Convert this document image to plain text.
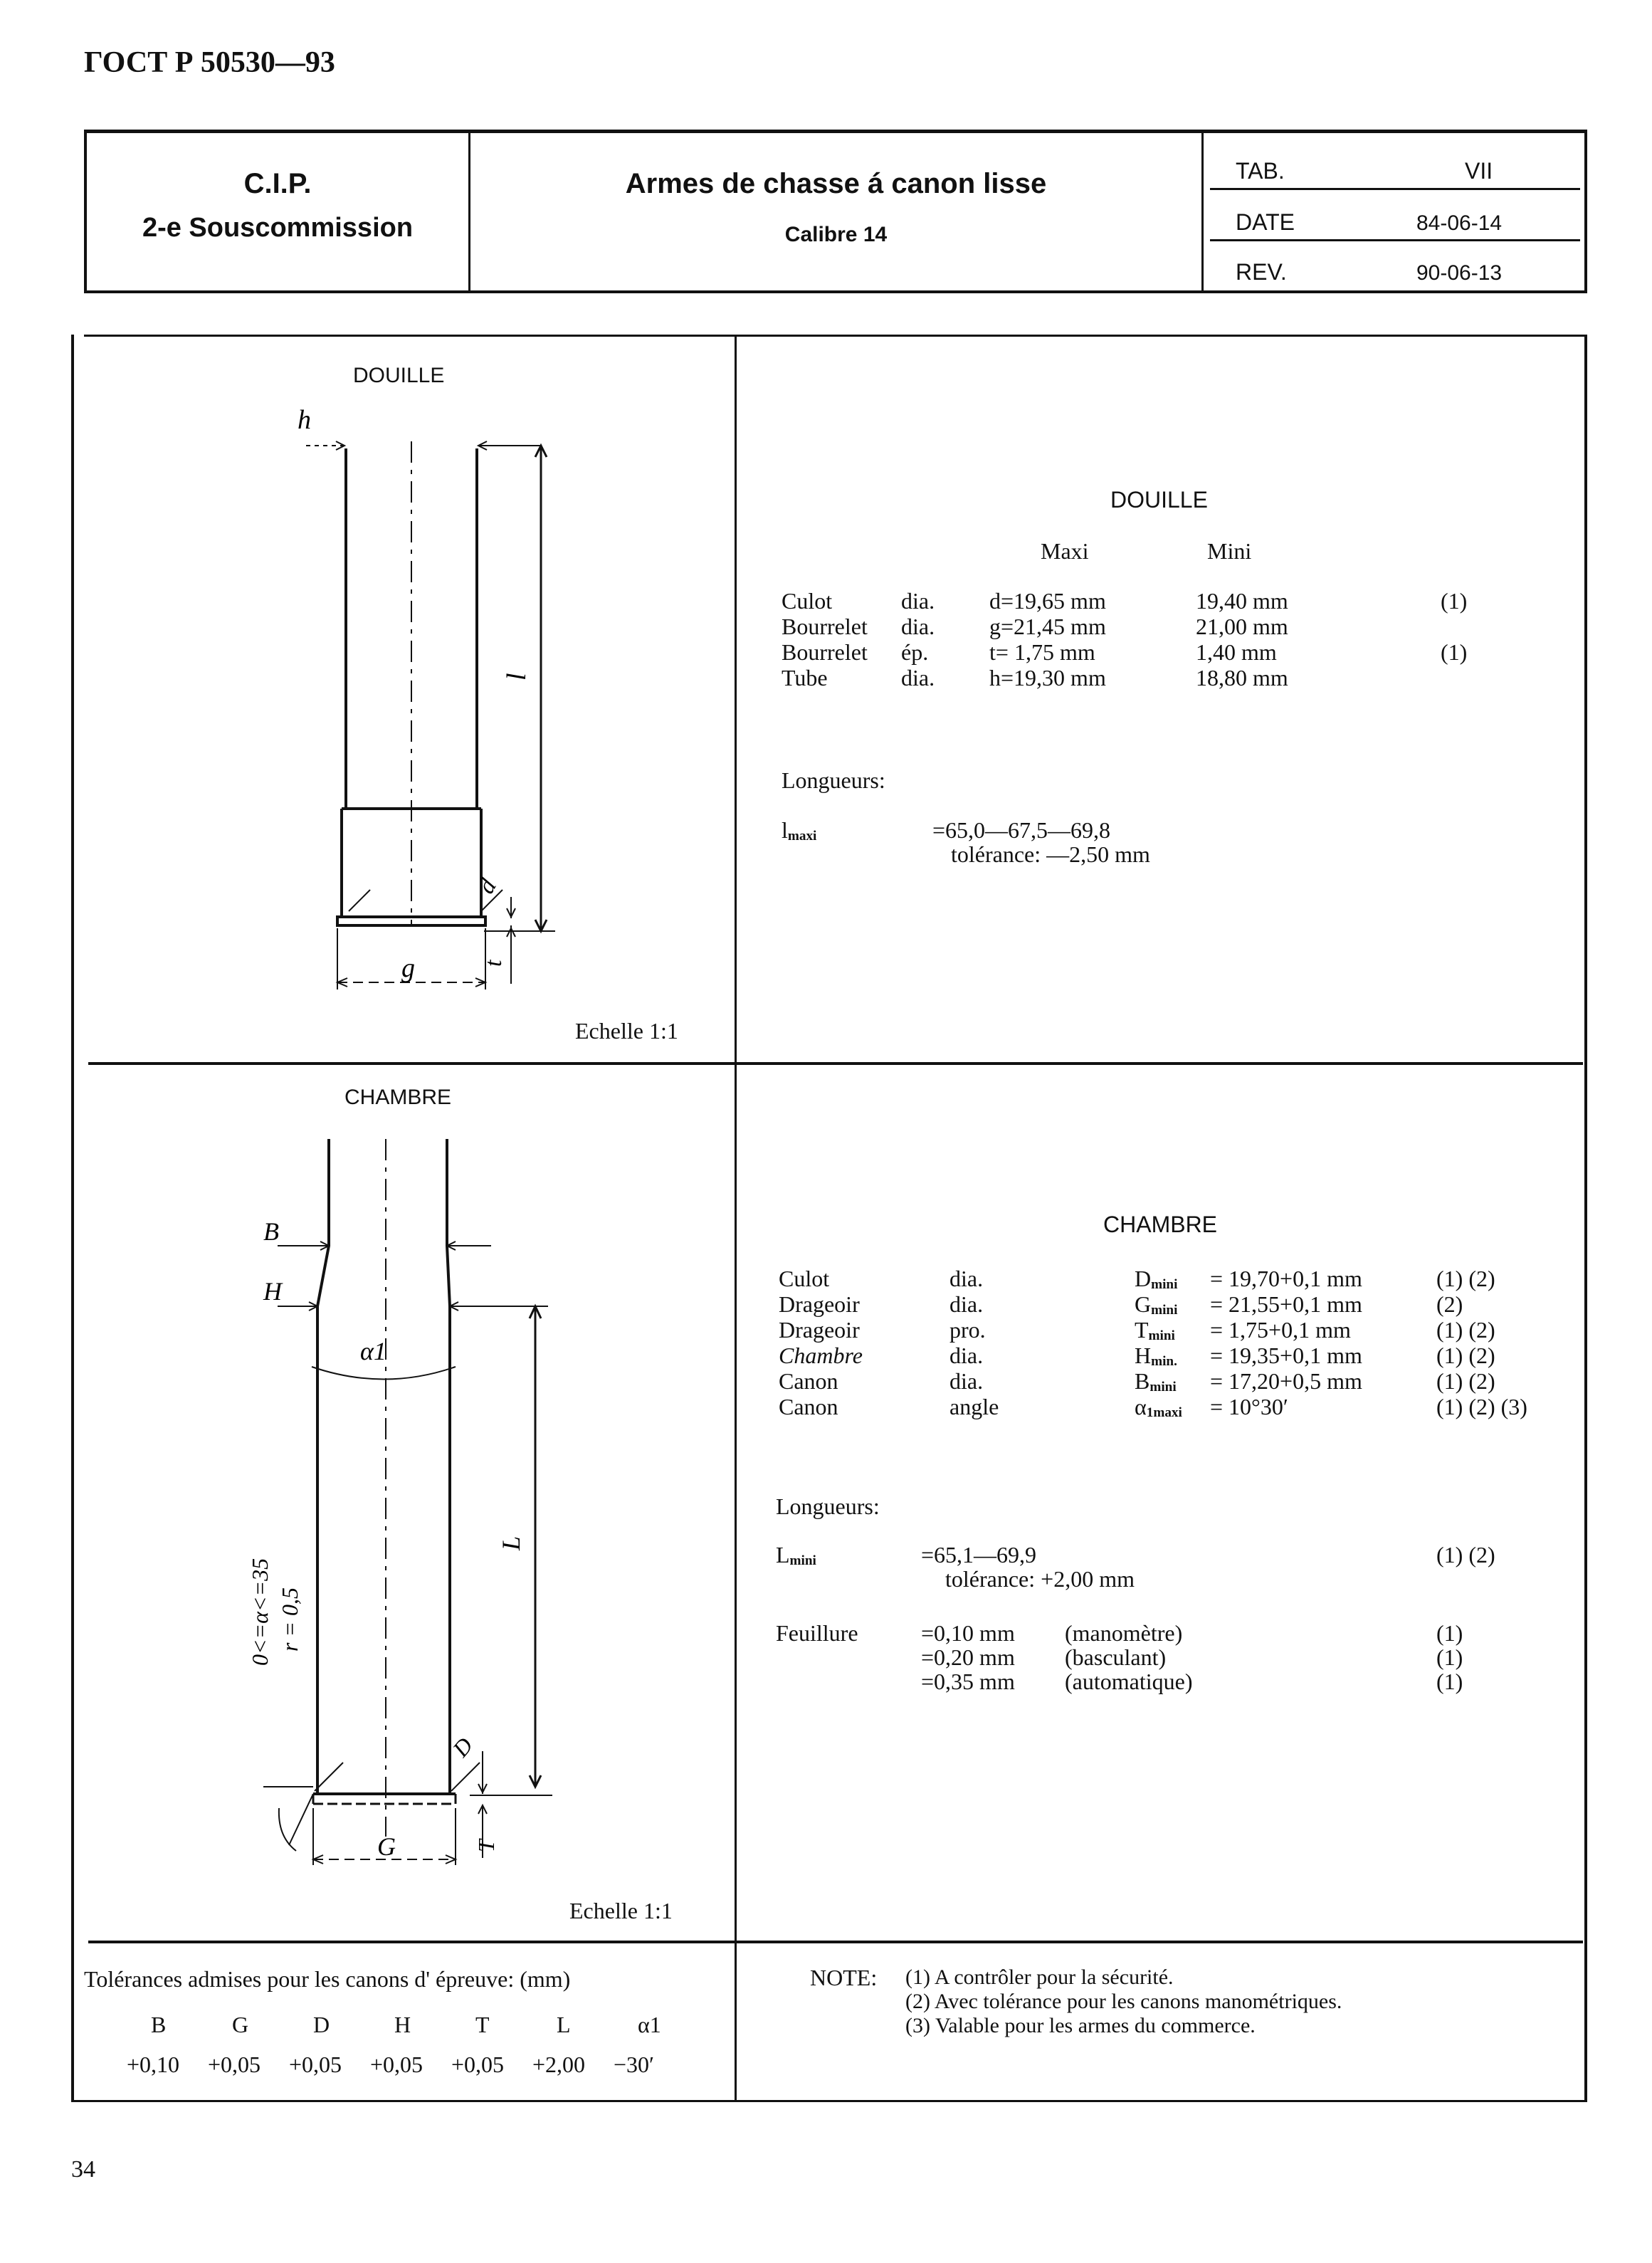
ГОСТ Р 50530—93
C.I.P.
2-e Souscommission
Armes de chasse á canon lisse
Calibre 14
TAB.	VII
DATE	84-06-14
REV.	90-06-13
DOUILLE
h
l
d
g	t
Echelle 1:1
DOUILLE
Maxi	Mini
Culot	dia. d=19,65 mm	19,40 mm	(1)
Bourrelet dia. g=21,45 mm	21,00 mm
Bourrelet ép.	t= 1,75 mm	1,40 mm	(1)
Tube	dia. h=19,30 mm	18,80 mm
Longueurs:
$l_{maxi}$	=65,0—67,5—69,8
tolérance: —2,50 mm
CHAMBRE
B
H
α1
L
D
G	T
0<=α<=35 r = 0,5
Echelle 1:1
CHAMBRE
Culot	dia.	$D_{mini} = 19,70+0,1$ mm	(1) (2)
Drageoir	dia.	$G_{mini} = 21,55+0,1$ mm	(2)
Drageoir	pro.	$T_{mini} = 1,75+0,1$ mm	(1) (2)
Chambre	dia.	$H_{min.} = 19,35+0,1$ mm	(1) (2)
Canon	dia.	$B_{mini} = 17,20+0,5$ mm	(1) (2)
Canon	angle	$\alpha_{1maxi} = 10^\circ 30'$	(1) (2) (3)
Longueurs:
$L_{mini}$	=65,1—69,9	(1) (2)
tolérance: +2,00 mm
Feuillure	=0,10 mm (manomètre)	(1)
=0,20 mm (basculant)	(1)
=0,35 mm (automatique)	(1)
Tolérances admises pour les canons d' épreuve: (mm)
B	G	D	H	T	L	α1
+0,10 +0,05 +0,05 +0,05 +0,05 +2,00 −30′
NOTE: (1) A contrôler pour la sécurité.
(2) Avec tolérance pour les canons manométriques.
(3) Valable pour les armes du commerce.
34
